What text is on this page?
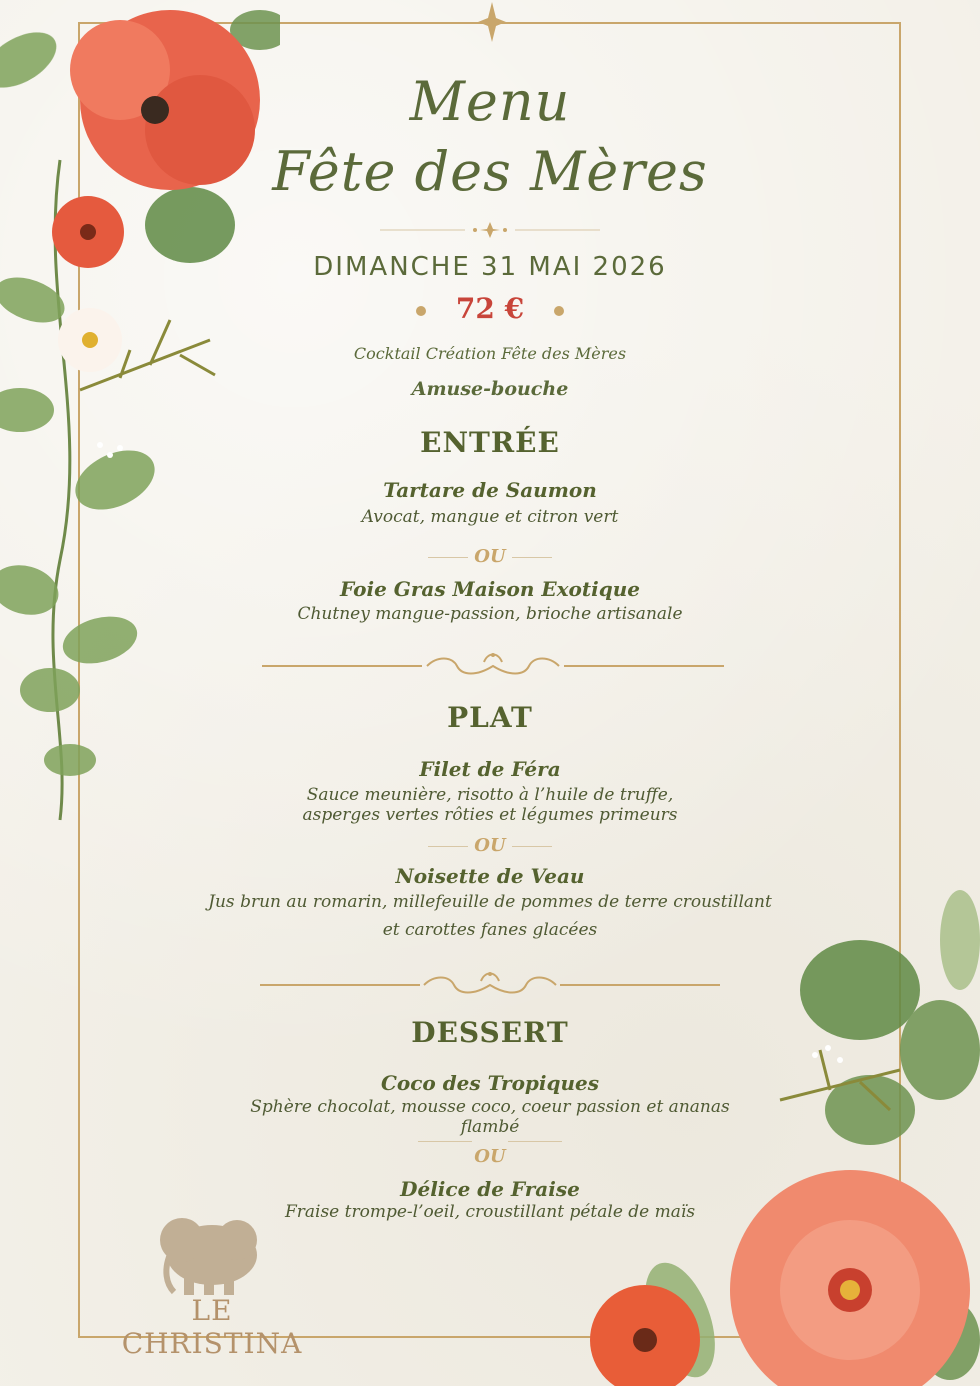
Menu
Fête des Mères
DIMANCHE 31 MAI 2026
72 €
Cocktail Création Fête des Mères
Amuse-bouche
ENTRÉE
Tartare de Saumon
Avocat, mangue et citron vert
OU
Foie Gras Maison Exotique
Chutney mangue-passion, brioche artisanale
PLAT
Filet de Féra
Sauce meunière, risotto à l’huile de truffe,
asperges vertes rôties et légumes primeurs
OU
Noisette de Veau
Jus brun au romarin, millefeuille de pommes de terre croustillant
et carottes fanes glacées
DESSERT
Coco des Tropiques
Sphère chocolat, mousse coco, coeur passion et ananas
flambé
OU
Délice de Fraise
Fraise trompe-l’oeil, croustillant pétale de maïs
LE CHRISTINA
